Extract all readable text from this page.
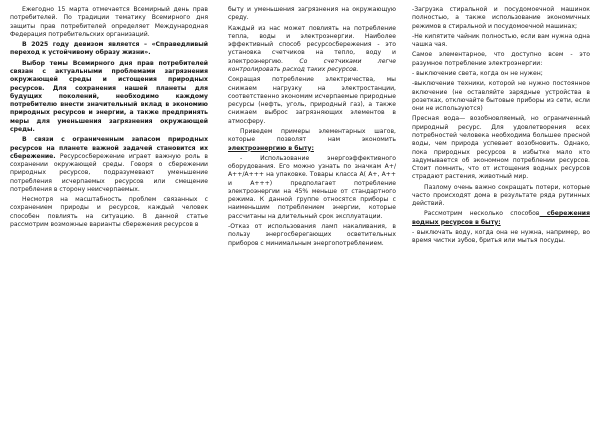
Ежегодно 15 марта отмечается Всемирный день прав потребителей. По традиции тематику Всемирного дня защиты прав потребителей определяет Международная Федерация потребительских организаций.

В 2025 году девизом является – «Справедливый переход к устойчивому образу жизни».

Выбор темы Всемирного дня прав потребителей связан с актуальными проблемами загрязнения окружающей среды и истощения природных ресурсов. Для сохранения нашей планеты для будущих поколений, необходимо каждому потребителю внести значительный вклад в экономию природных ресурсов и энергии, а также предпринять меры для уменьшения загрязнения окружающей среды.

В связи с ограниченным запасом природных ресурсов на планете важной задачей становится их сбережение. Ресурсосбережение играет важную роль в сохранении окружающей среды. Говоря о сбережении природных ресурсов, подразумевают уменьшение потребления исчерпаемых ресурсов или смещение потребления в сторону неисчерпаемых.

Несмотря на масштабность проблем связанных с сохранением природы и ресурсов, каждый человек способен повлиять на ситуацию. В данной статье рассмотрим возможные варианты сбережения ресурсов в

быту и уменьшения загрязнения на окружающую среду.

Каждый из нас может повлиять на потребление тепла, воды и электроэнергии. Наиболее эффективный способ ресурсосбережения - это установка счетчиков на тепло, воду и электроэнергию. Со счетчиками легче контролировать расход таких ресурсов.

Сокращая потребление электричества, мы снижаем нагрузку на электростанции, соответственно экономим исчерпаемые природные ресурсы (нефть, уголь, природный газ), а также снижаем выброс загрязняющих элементов в атмосферу.

Приведем примеры элементарных шагов, которые позволят нам экономить электроэнергию в быту:

- Использование энергоэффективного оборудования. Его можно узнать по значкам А+/А++/А+++ на упаковке. Товары класса А( А+, А++ и А+++) предполагает потребление электроэнергии на 45% меньше от стандартного режима. К данной группе относятся приборы с наименьшим потреблением энергии, которые рассчитаны на длительный срок эксплуатации.

-Отказ от использования ламп накаливания, в пользу энергосберегающих осветительных приборов с минимальным энергопотреблением.

-Загрузка стиральной и посудомоечной машинок полностью, а также использование экономичных режимов в стиральной и посудомоечной машинах;

-Не кипятите чайник полностью, если вам нужна одна чашка чая.

Самое элементарное, что доступно всем - это разумное потребление электроэнергии:

- выключение света, когда он не нужен;

-выключение техники, которой не нужно постоянное включение (не оставляйте зарядные устройства в розетках, отключайте бытовые приборы из сети, если они не используются)

Пресная вода— возобновляемый, но ограниченный природный ресурс. Для удовлетворения всех потребностей человека необходима большее пресной воды, чем природа успевает возобновить. Однако, пока природных ресурсов в избытке мало кто задумывается об экономном потреблении ресурсов. Стоит помнить, что от истощения водных ресурсов страдают растения, животный мир.

Пазлому очень важно сокращать потери, которые часто происходят дома в результате ряда рутинных действий.

Рассмотрим несколько способов сбережения водных ресурсов в быту:

- выключать воду, когда она не нужна, например, во время чистки зубов, бритья или мытья посуды.
